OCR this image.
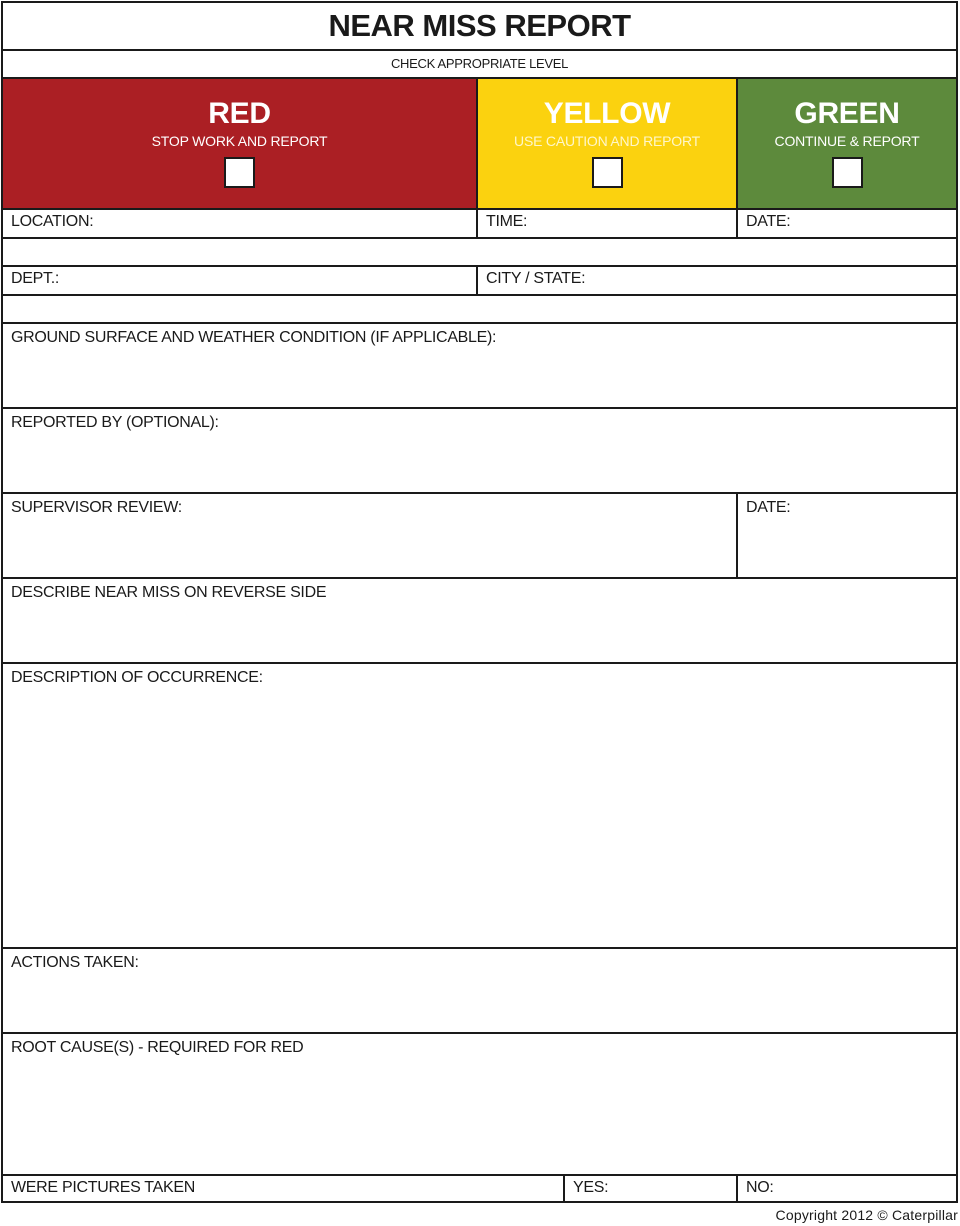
NEAR MISS REPORT
CHECK APPROPRIATE LEVEL
RED
STOP WORK AND REPORT
YELLOW
USE CAUTION AND REPORT
GREEN
CONTINUE & REPORT
LOCATION:	TIME:	DATE:
DEPT.:	CITY / STATE:
GROUND SURFACE AND WEATHER CONDITION (IF APPLICABLE):
REPORTED BY (OPTIONAL):
SUPERVISOR REVIEW:	DATE:
DESCRIBE NEAR MISS ON REVERSE SIDE
DESCRIPTION OF OCCURRENCE:
ACTIONS TAKEN:
ROOT CAUSE(S) - REQUIRED FOR RED
WERE PICTURES TAKEN	YES:	NO:
Copyright 2012 © Caterpillar
